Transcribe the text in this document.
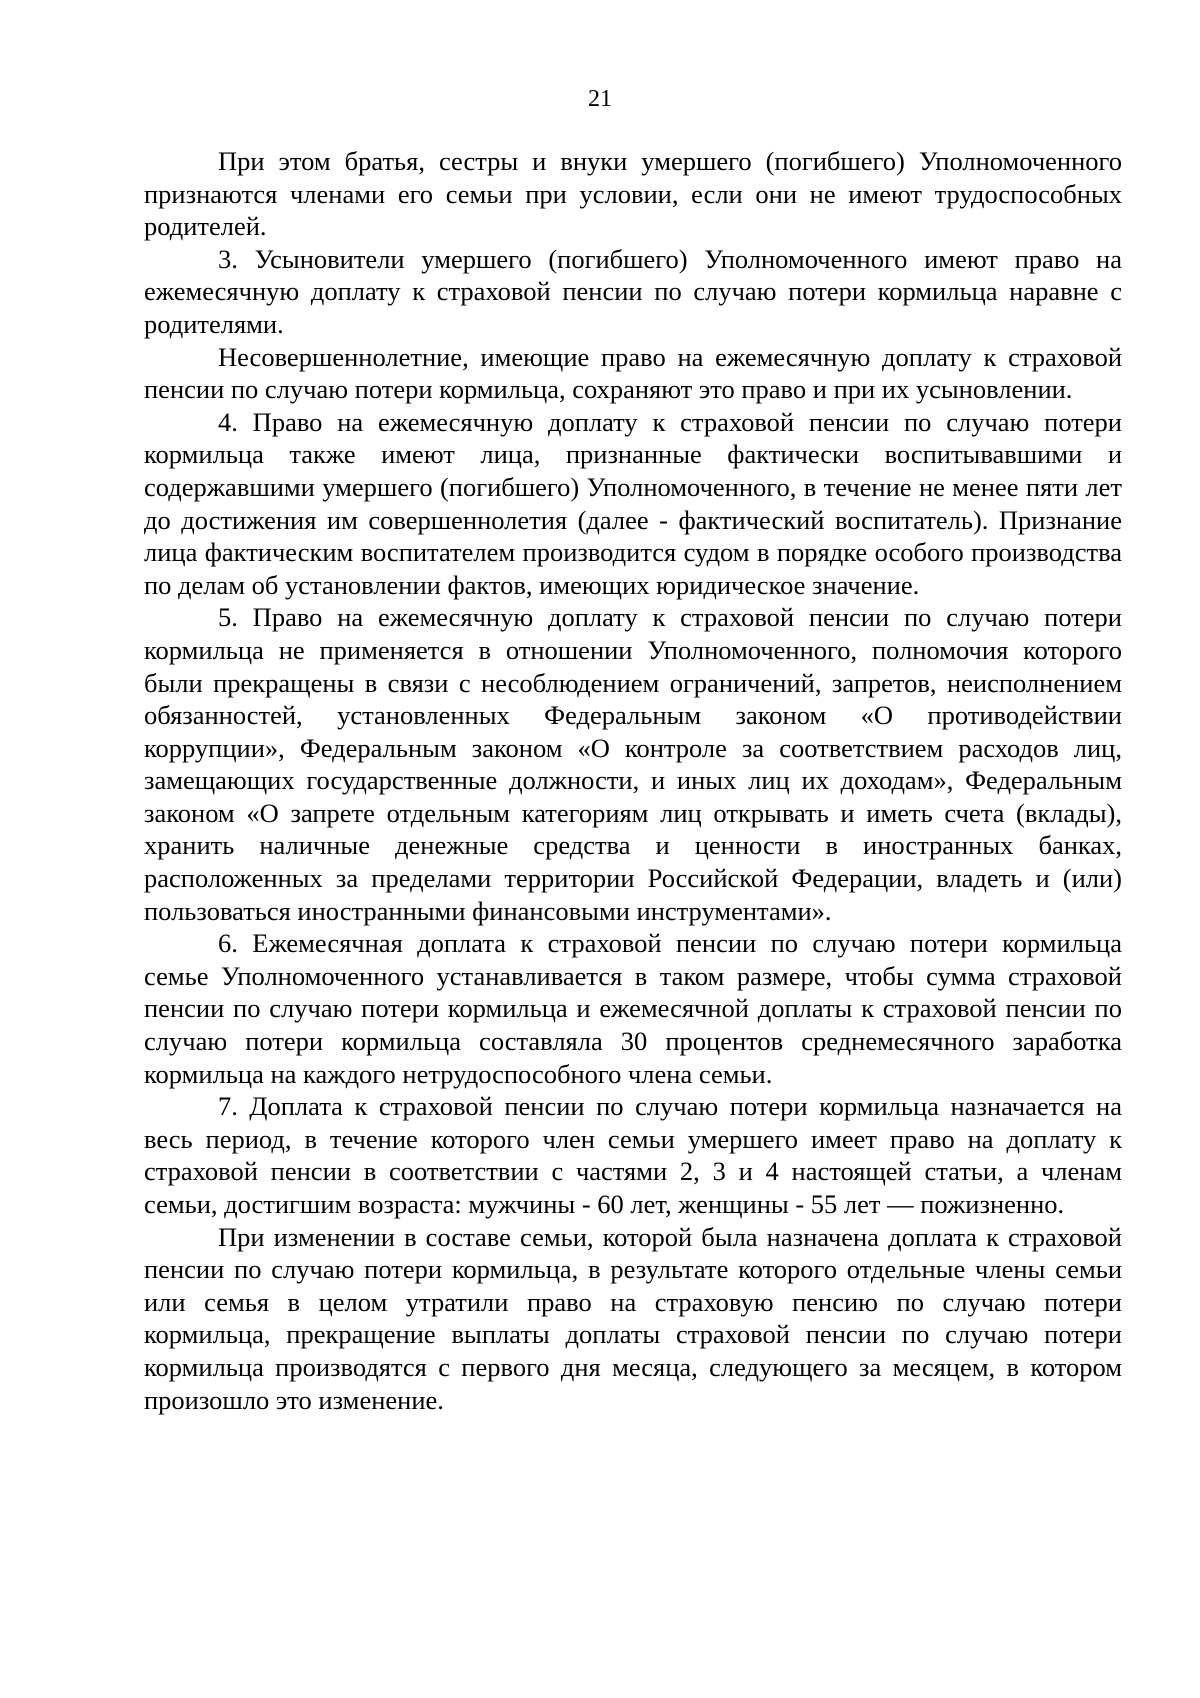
21

При этом братья, сестры и внуки умершего (погибшего) Уполномоченного признаются членами его семьи при условии, если они не имеют трудоспособных родителей.

3. Усыновители умершего (погибшего) Уполномоченного имеют право на ежемесячную доплату к страховой пенсии по случаю потери кормильца наравне с родителями.

Несовершеннолетние, имеющие право на ежемесячную доплату к страховой пенсии по случаю потери кормильца, сохраняют это право и при их усыновлении.

4. Право на ежемесячную доплату к страховой пенсии по случаю потери кормильца также имеют лица, признанные фактически воспитывавшими и содержавшими умершего (погибшего) Уполномоченного, в течение не менее пяти лет до достижения им совершеннолетия (далее - фактический воспитатель). Признание лица фактическим воспитателем производится судом в порядке особого производства по делам об установлении фактов, имеющих юридическое значение.

5. Право на ежемесячную доплату к страховой пенсии по случаю потери кормильца не применяется в отношении Уполномоченного, полномочия которого были прекращены в связи с несоблюдением ограничений, запретов, неисполнением обязанностей, установленных Федеральным законом «О противодействии коррупции», Федеральным законом «О контроле за соответствием расходов лиц, замещающих государственные должности, и иных лиц их доходам», Федеральным законом «О запрете отдельным категориям лиц открывать и иметь счета (вклады), хранить наличные денежные средства и ценности в иностранных банках, расположенных за пределами территории Российской Федерации, владеть и (или) пользоваться иностранными финансовыми инструментами».

6. Ежемесячная доплата к страховой пенсии по случаю потери кормильца семье Уполномоченного устанавливается в таком размере, чтобы сумма страховой пенсии по случаю потери кормильца и ежемесячной доплаты к страховой пенсии по случаю потери кормильца составляла 30 процентов среднемесячного заработка кормильца на каждого нетрудоспособного члена семьи.

7. Доплата к страховой пенсии по случаю потери кормильца назначается на весь период, в течение которого член семьи умершего имеет право на доплату к страховой пенсии в соответствии с частями 2, 3 и 4 настоящей статьи, а членам семьи, достигшим возраста: мужчины - 60 лет, женщины - 55 лет — пожизненно.

При изменении в составе семьи, которой была назначена доплата к страховой пенсии по случаю потери кормильца, в результате которого отдельные члены семьи или семья в целом утратили право на страховую пенсию по случаю потери кормильца, прекращение выплаты доплаты страховой пенсии по случаю потери кормильца производятся с первого дня месяца, следующего за месяцем, в котором произошло это изменение.
